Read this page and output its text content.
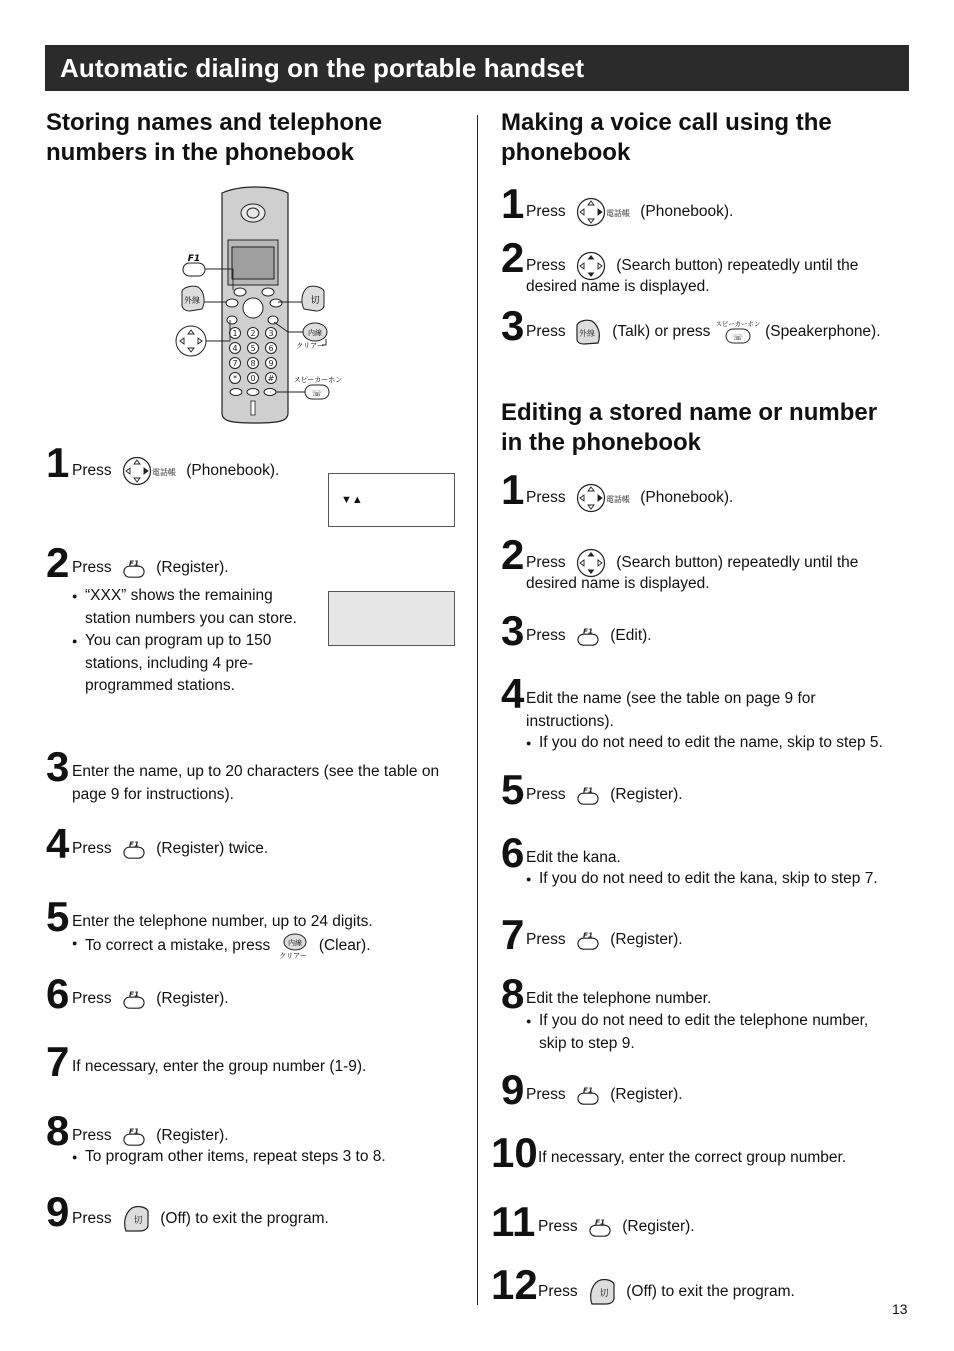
Automatic dialing on the portable handset
Storing names and telephone
numbers in the phonebook
1 2 3
4 5 6
7 8 9
* 0 #
F1
外線	切
内線
クリアー
スピーカーホン
☏
▼▲
1 Press	電話帳 (Phonebook).
2 Press	(Register).
● “XXX” shows the remaining station numbers you can store.
● You can program up to 150 stations, including 4 pre-programmed stations.
3 Enter the name, up to 20 characters (see the table on page 9 for instructions).
4 Press	(Register) twice.
5 Enter the telephone number, up to 24 digits.
● To correct a mistake, press 内線
クリアー
(Clear).
6 Press	(Register).
7 If necessary, enter the group number (1-9).
8 Press	(Register).
● To program other items, repeat steps 3 to 8.
9 Press	(Off) to exit the program.
Making a voice call using the
phonebook
1 Press	電話帳 (Phonebook).
2 Press	(Search button) repeatedly until the
desired name is displayed.
3 Press	(Talk) or press スピーカーホン
☏ (Speakerphone).
Editing a stored name or number
in the phonebook
1 Press	電話帳 (Phonebook).
2 Press	(Search button) repeatedly until the
desired name is displayed.
3 Press	(Edit).
4 Edit the name (see the table on page 9 for
instructions).
● If you do not need to edit the name, skip to step 5.
5 Press	(Register).
6 Edit the kana.
● If you do not need to edit the kana, skip to step 7.
7 Press	(Register).
8 Edit the telephone number.
● If you do not need to edit the telephone number, skip to step 9.
9 Press	(Register).
10 If necessary, enter the correct group number.
11 Press	(Register).
12 Press	(Off) to exit the program.
13
